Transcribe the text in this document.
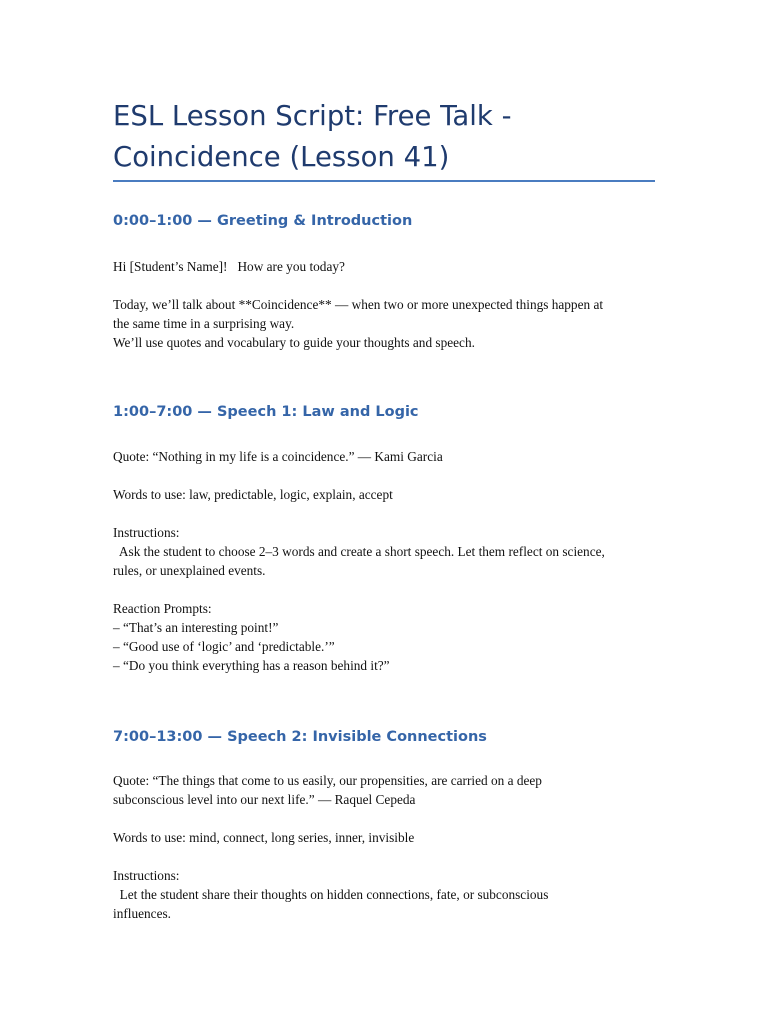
ESL Lesson Script: Free Talk -
Coincidence (Lesson 41)
0:00–1:00 — Greeting & Introduction

Hi [Student’s Name]!   How are you today?

Today, we’ll talk about **Coincidence** — when two or more unexpected things happen at
the same time in a surprising way.
We’ll use quotes and vocabulary to guide your thoughts and speech.

1:00–7:00 — Speech 1: Law and Logic

Quote: “Nothing in my life is a coincidence.” — Kami Garcia

Words to use: law, predictable, logic, explain, accept

Instructions:
Ask the student to choose 2–3 words and create a short speech. Let them reflect on science,
rules, or unexplained events.

Reaction Prompts:
– “That’s an interesting point!”
– “Good use of ‘logic’ and ‘predictable.’”
– “Do you think everything has a reason behind it?”

7:00–13:00 — Speech 2: Invisible Connections

Quote: “The things that come to us easily, our propensities, are carried on a deep
subconscious level into our next life.” — Raquel Cepeda

Words to use: mind, connect, long series, inner, invisible

Instructions:
Let the student share their thoughts on hidden connections, fate, or subconscious
influences.
